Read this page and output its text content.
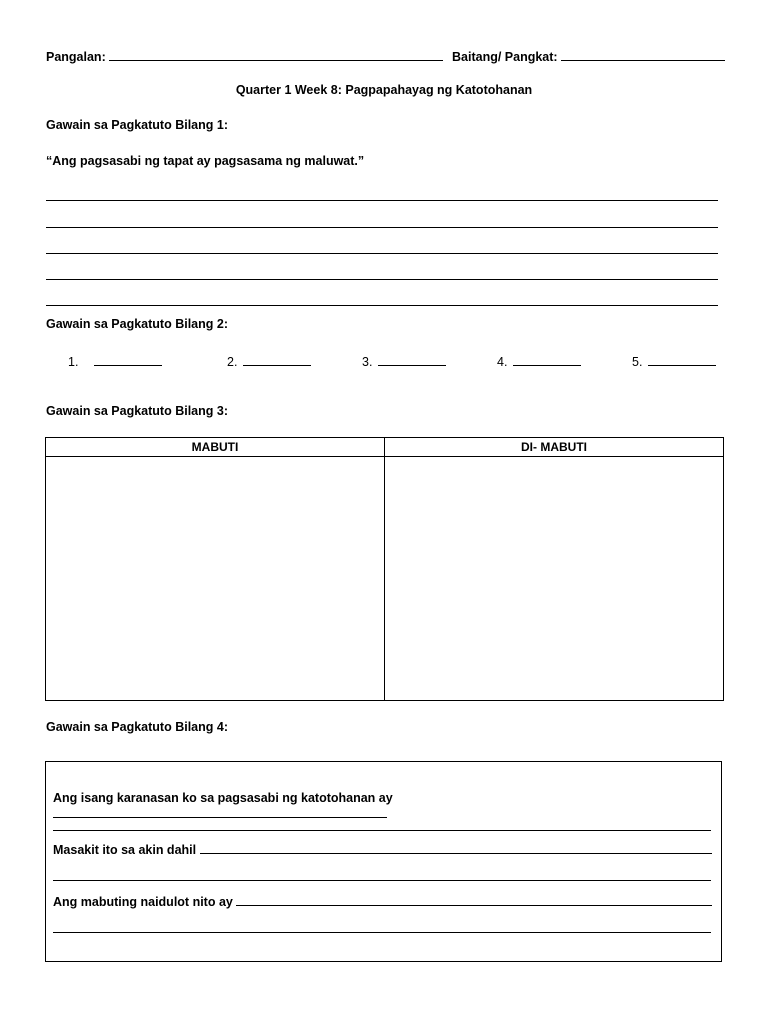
Pangalan:	Baitang/ Pangkat:
Quarter 1 Week 8: Pagpapahayag ng Katotohanan
Gawain sa Pagkatuto Bilang 1:
“Ang pagsasabi ng tapat ay pagsasama ng maluwat.”
Gawain sa Pagkatuto Bilang 2:
1.	2.	3.	4.	5.
Gawain sa Pagkatuto Bilang 3:
MABUTI	DI- MABUTI

Gawain sa Pagkatuto Bilang 4:
Ang isang karanasan ko sa pagsasabi ng katotohanan ay
Masakit ito sa akin dahil
Ang mabuting naidulot nito ay
